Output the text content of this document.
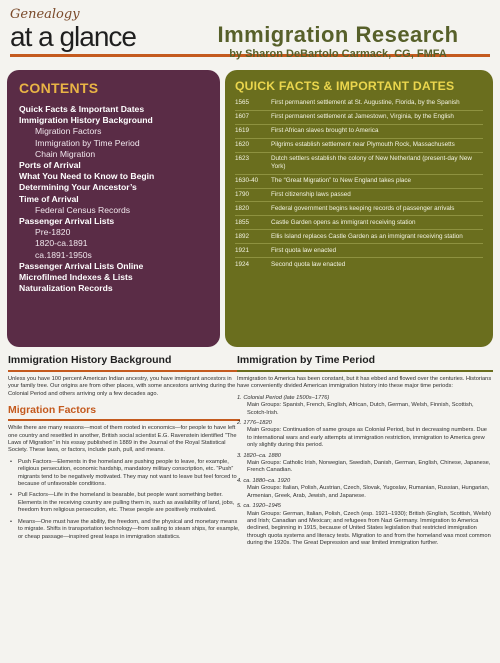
Genealogy
at a glance	Immigration Research
by Sharon DeBartolo Carmack, CG, FMFA
CONTENTS
Quick Facts & Important Dates
Immigration History Background
Migration Factors
Immigration by Time Period
Chain Migration
Ports of Arrival
What You Need to Know to Begin
Determining Your Ancestor’s
Time of Arrival
Federal Census Records
Passenger Arrival Lists
Pre-1820
1820-ca.1891
ca.1891-1950s
Passenger Arrival Lists Online
Microfilmed Indexes & Lists
Naturalization Records
QUICK FACTS & IMPORTANT DATES
1565	First permanent settlement at St. Augustine, Florida, by the Spanish
1607	First permanent settlement at Jamestown, Virginia, by the English
1619	First African slaves brought to America
1620	Pilgrims establish settlement near Plymouth Rock, Massachusetts
1623	Dutch settlers establish the colony of New Netherland (present-day New York)
1630-40	The “Great Migration” to New England takes place
1790	First citizenship laws passed
1820	Federal government begins keeping records of passenger arrivals
1855	Castle Garden opens as immigrant receiving station
1892	Ellis Island replaces Castle Garden as an immigrant receiving station
1921	First quota law enacted
1924	Second quota law enacted
Immigration History Background
Unless you have 100 percent American Indian ancestry, you have immigrant ancestors in your family tree. Our origins are from other places, with some ancestors arriving during the Colonial Period and others arriving only a few decades ago.
Migration Factors
While there are many reasons—most of them rooted in economics—for people to have left one country and resettled in another, British social scientist E.G. Ravenstein identified “The Laws of Migration” in his essay published in 1889 in the Journal of the Royal Statistical Society. These laws, or factors, include push, pull, and means.
• Push Factors—Elements in the homeland are pushing people to leave, for example, religious persecution, economic hardship, mandatory military conscription, etc. “Push” migrants tend to be negatively motivated. They may not want to leave but feel forced to because of unfavorable conditions.
• Pull Factors—Life in the homeland is bearable, but people want something better. Elements in the receiving country are pulling them in, such as availability of land, jobs, freedom from religious persecution, etc. These people are positively motivated.
• Means—One must have the ability, the freedom, and the physical and monetary means to migrate. Shifts in transportation technology—from sailing to steam ships, for example, or cheap passage—inspired great leaps in immigration statistics.
Immigration by Time Period
Immigration to America has been constant, but it has ebbed and flowed over the centuries. Historians have conveniently divided American immigration history into these major time periods:
1. Colonial Period (late 1500s–1776)
Main Groups: Spanish, French, English, African, Dutch, German, Welsh, Finnish, Scottish, Scotch-Irish.
2. 1776–1820
Main Groups: Continuation of same groups as Colonial Period, but in decreasing numbers. Due to international wars and early attempts at immigration restriction, immigration to America grew only slightly during this period.
3. 1820–ca. 1880
Main Groups: Catholic Irish, Norwegian, Swedish, Danish, German, English, Chinese, Japanese, French Canadian.
4. ca. 1880–ca. 1920
Main Groups: Italian, Polish, Austrian, Czech, Slovak, Yugoslav, Rumanian, Russian, Hungarian, Armenian, Greek, Arab, Jewish, and Japanese.
5. ca. 1920–1945
Main Groups: German, Italian, Polish, Czech (esp. 1921–1930); British (English, Scottish, Welsh) and Irish; Canadian and Mexican; and refugees from Nazi Germany. Immigration to America declined, beginning in 1915, because of United States legislation that restricted immigration through quota systems and literacy tests. Migration to and from the homeland was most common during the 1920s. The Great Depression and war limited immigration further.
